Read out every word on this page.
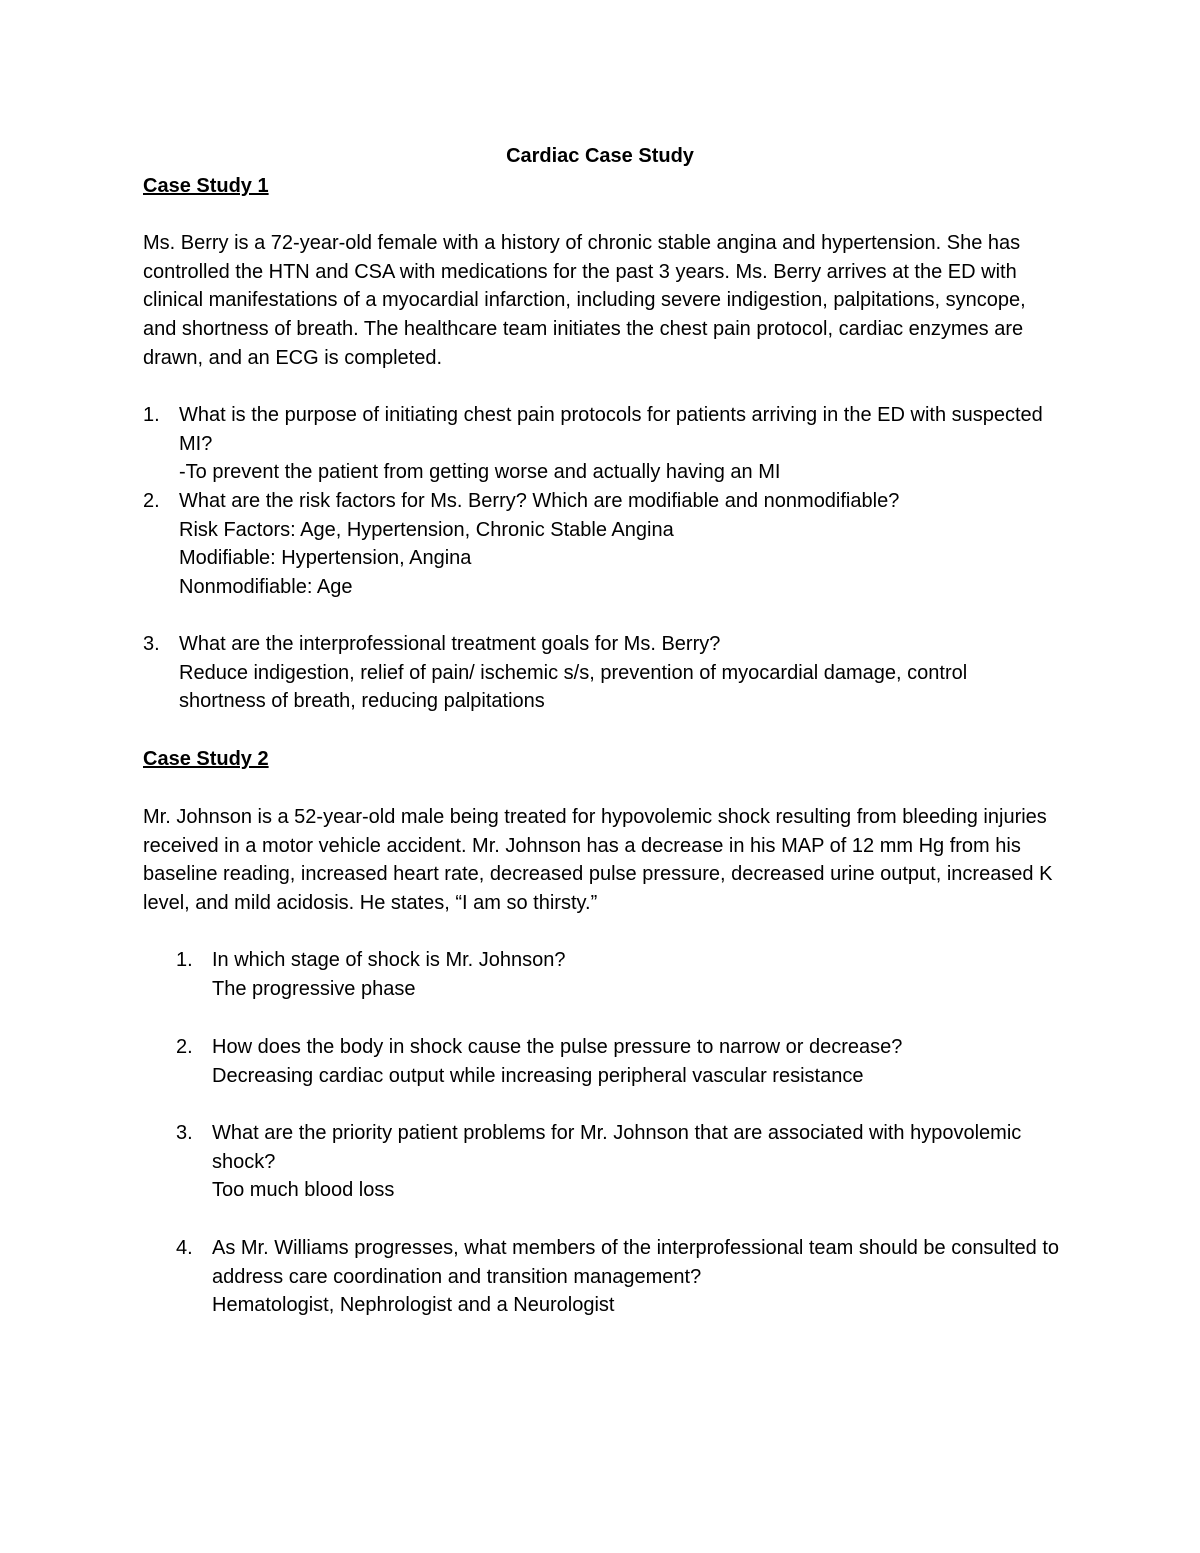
Cardiac Case Study
Case Study 1
Ms. Berry is a 72-year-old female with a history of chronic stable angina and hypertension. She has controlled the HTN and CSA with medications for the past 3 years. Ms. Berry arrives at the ED with clinical manifestations of a myocardial infarction, including severe indigestion, palpitations, syncope, and shortness of breath. The healthcare team initiates the chest pain protocol, cardiac enzymes are drawn, and an ECG is completed.
1. What is the purpose of initiating chest pain protocols for patients arriving in the ED with suspected MI?
-To prevent the patient from getting worse and actually having an MI
2. What are the risk factors for Ms. Berry? Which are modifiable and nonmodifiable?
Risk Factors: Age, Hypertension, Chronic Stable Angina
Modifiable: Hypertension, Angina
Nonmodifiable: Age
3. What are the interprofessional treatment goals for Ms. Berry?
Reduce indigestion, relief of pain/ ischemic s/s, prevention of myocardial damage, control shortness of breath, reducing palpitations
Case Study 2
Mr. Johnson is a 52-year-old male being treated for hypovolemic shock resulting from bleeding injuries received in a motor vehicle accident. Mr. Johnson has a decrease in his MAP of 12 mm Hg from his baseline reading, increased heart rate, decreased pulse pressure, decreased urine output, increased K level, and mild acidosis. He states, “I am so thirsty.”
1. In which stage of shock is Mr. Johnson?
The progressive phase
2. How does the body in shock cause the pulse pressure to narrow or decrease?
Decreasing cardiac output while increasing peripheral vascular resistance
3. What are the priority patient problems for Mr. Johnson that are associated with hypovolemic shock?
Too much blood loss
4. As Mr. Williams progresses, what members of the interprofessional team should be consulted to address care coordination and transition management?
Hematologist, Nephrologist and a Neurologist
